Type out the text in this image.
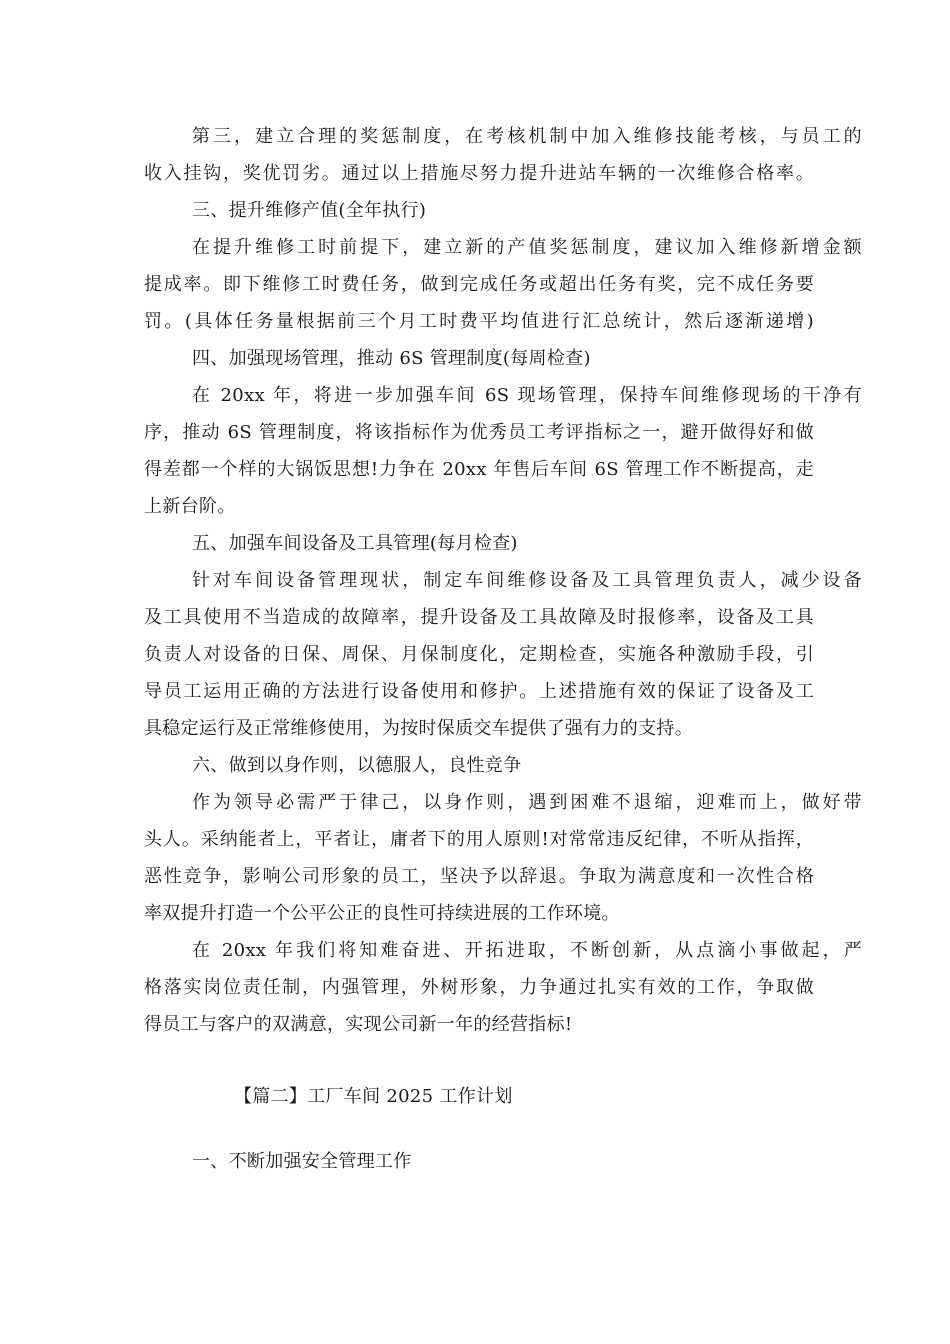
第三，建立合理的奖惩制度，在考核机制中加入维修技能考核，与员工的
收入挂钩，奖优罚劣。通过以上措施尽努力提升进站车辆的一次维修合格率。
三、提升维修产值(全年执行)
在提升维修工时前提下，建立新的产值奖惩制度，建议加入维修新增金额
提成率。即下维修工时费任务，做到完成任务或超出任务有奖，完不成任务要
罚。(具体任务量根据前三个月工时费平均值进行汇总统计，然后逐渐递增)
四、加强现场管理，推动 6S 管理制度(每周检查)
在 20xx 年，将进一步加强车间 6S 现场管理，保持车间维修现场的干净有
序，推动 6S 管理制度，将该指标作为优秀员工考评指标之一，避开做得好和做
得差都一个样的大锅饭思想!力争在 20xx 年售后车间 6S 管理工作不断提高，走
上新台阶。
五、加强车间设备及工具管理(每月检查)
针对车间设备管理现状，制定车间维修设备及工具管理负责人，减少设备
及工具使用不当造成的故障率，提升设备及工具故障及时报修率，设备及工具
负责人对设备的日保、周保、月保制度化，定期检查，实施各种激励手段，引
导员工运用正确的方法进行设备使用和修护。上述措施有效的保证了设备及工
具稳定运行及正常维修使用，为按时保质交车提供了强有力的支持。
六、做到以身作则，以德服人，良性竞争
作为领导必需严于律己，以身作则，遇到困难不退缩，迎难而上，做好带
头人。采纳能者上，平者让，庸者下的用人原则!对常常违反纪律，不听从指挥，
恶性竞争，影响公司形象的员工，坚决予以辞退。争取为满意度和一次性合格
率双提升打造一个公平公正的良性可持续进展的工作环境。
在 20xx 年我们将知难奋进、开拓进取，不断创新，从点滴小事做起，严
格落实岗位责任制，内强管理，外树形象，力争通过扎实有效的工作，争取做
得员工与客户的双满意，实现公司新一年的经营指标!
【篇二】工厂车间 2025 工作计划
一、不断加强安全管理工作
